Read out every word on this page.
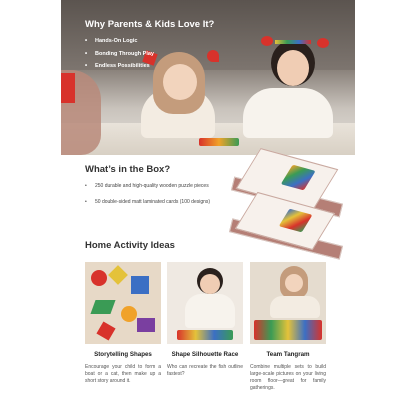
Why Parents & Kids Love It?
• Hands-On Logic
• Bonding Through Play
• Endless Possibilities
What’s in the Box?
• 250 durable and high-quality wooden puzzle pieces
• 50 double-sided matt laminated cards (100 designs)
Home Activity Ideas
Storytelling Shapes	Shape Silhouette Race	Team Tangram
Encourage your child to form a boat or a cat, then make up a short story around it.
Who can recreate the fish outline fastest?
Combine multiple sets to build large-scale pictures on your living room floor—great for family gatherings.
